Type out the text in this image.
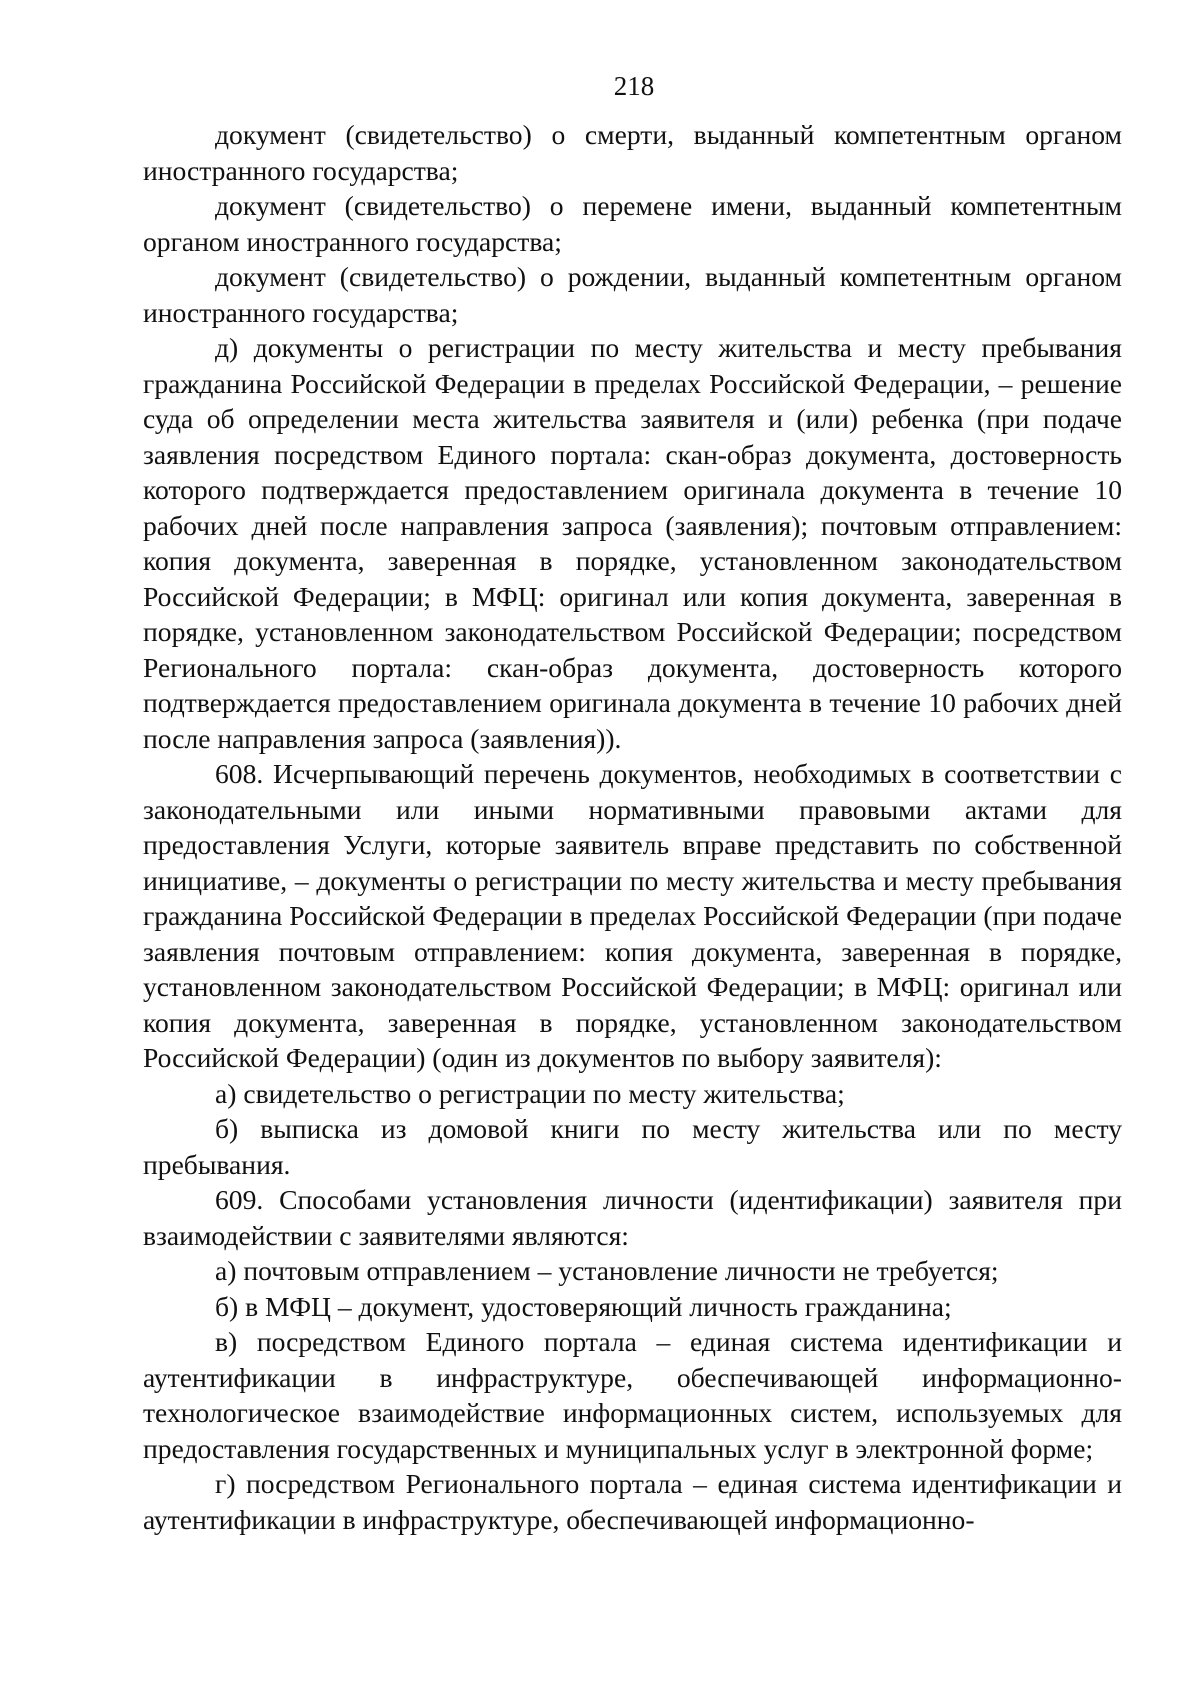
218

документ (свидетельство) о смерти, выданный компетентным органом иностранного государства;

документ (свидетельство) о перемене имени, выданный компетентным органом иностранного государства;

документ (свидетельство) о рождении, выданный компетентным органом иностранного государства;

д) документы о регистрации по месту жительства и месту пребывания гражданина Российской Федерации в пределах Российской Федерации, – решение суда об определении места жительства заявителя и (или) ребенка (при подаче заявления посредством Единого портала: скан-образ документа, достоверность которого подтверждается предоставлением оригинала документа в течение 10 рабочих дней после направления запроса (заявления); почтовым отправлением: копия документа, заверенная в порядке, установленном законодательством Российской Федерации; в МФЦ: оригинал или копия документа, заверенная в порядке, установленном законодательством Российской Федерации; посредством Регионального портала: скан-образ документа, достоверность которого подтверждается предоставлением оригинала документа в течение 10 рабочих дней после направления запроса (заявления)).

608. Исчерпывающий перечень документов, необходимых в соответствии с законодательными или иными нормативными правовыми актами для предоставления Услуги, которые заявитель вправе представить по собственной инициативе, – документы о регистрации по месту жительства и месту пребывания гражданина Российской Федерации в пределах Российской Федерации (при подаче заявления почтовым отправлением: копия документа, заверенная в порядке, установленном законодательством Российской Федерации; в МФЦ: оригинал или копия документа, заверенная в порядке, установленном законодательством Российской Федерации) (один из документов по выбору заявителя):

а) свидетельство о регистрации по месту жительства;

б) выписка из домовой книги по месту жительства или по месту пребывания.

609. Способами установления личности (идентификации) заявителя при взаимодействии с заявителями являются:

а) почтовым отправлением – установление личности не требуется;

б) в МФЦ – документ, удостоверяющий личность гражданина;

в) посредством Единого портала – единая система идентификации и аутентификации в инфраструктуре, обеспечивающей информационно-технологическое взаимодействие информационных систем, используемых для предоставления государственных и муниципальных услуг в электронной форме;

г) посредством Регионального портала – единая система идентификации и аутентификации в инфраструктуре, обеспечивающей информационно-
